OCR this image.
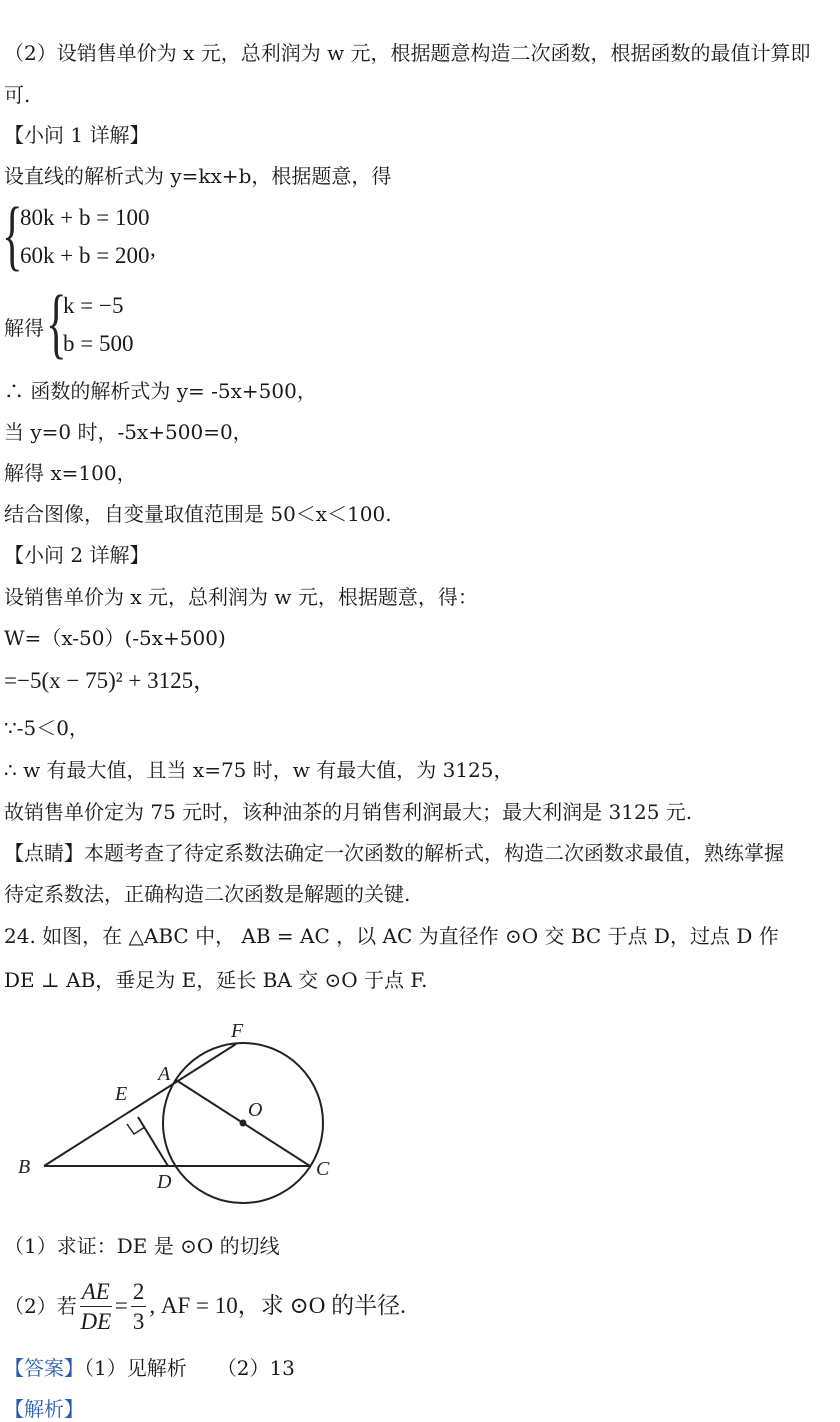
（2）设销售单价为 x 元，总利润为 w 元，根据题意构造二次函数，根据函数的最值计算即
可.
【小问 1 详解】
设直线的解析式为 y=kx+b，根据题意，得
{
80k + b = 100
60k + b = 200 ,
解得 {
k = −5
b = 500
∴ 函数的解析式为 y= -5x+500，
当 y=0 时，-5x+500=0，
解得 x=100，
结合图像，自变量取值范围是 50＜x＜100.
【小问 2 详解】
设销售单价为 x 元，总利润为 w 元，根据题意，得：
W=（x-50）(-5x+500)
=−5(x − 75)² + 3125，
∵-5＜0，
∴ w 有最大值，且当 x=75 时，w 有最大值，为 3125，
故销售单价定为 75 元时，该种油茶的月销售利润最大；最大利润是 3125 元.
【点睛】本题考查了待定系数法确定一次函数的解析式，构造二次函数求最值，熟练掌握
待定系数法，正确构造二次函数是解题的关键.
24. 如图，在 △ABC 中， AB = AC ，以 AC 为直径作 ⊙O 交 BC 于点 D，过点 D 作
DE ⊥ AB，垂足为 E，延长 BA 交 ⊙O 于点 F.
F
A
E
O
B
D
C
（1）求证：DE 是 ⊙O 的切线
（2）若 $\frac{AE}{DE} = \frac{2}{3}$ , AF = 10，求 ⊙O 的半径.
【答案】（1）见解析　　（2）13
【解析】
